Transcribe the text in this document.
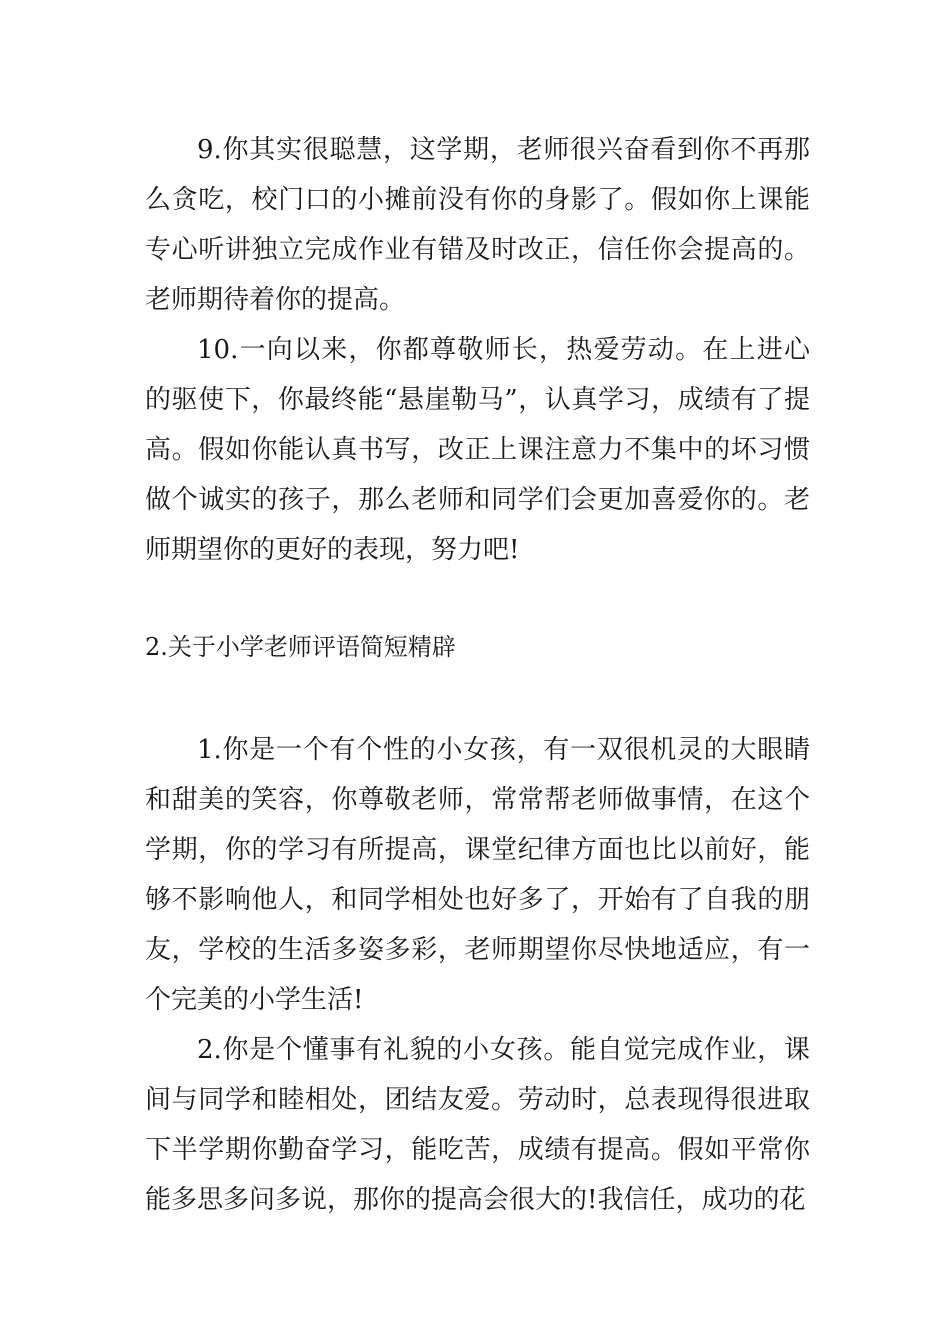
9.你其实很聪慧，这学期，老师很兴奋看到你不再那么贪吃，校门口的小摊前没有你的身影了。假如你上课能专心听讲独立完成作业有错及时改正，信任你会提高的。老师期待着你的提高。

10.一向以来，你都尊敬师长，热爱劳动。在上进心的驱使下，你最终能“悬崖勒马”，认真学习，成绩有了提高。假如你能认真书写，改正上课注意力不集中的坏习惯做个诚实的孩子，那么老师和同学们会更加喜爱你的。老师期望你的更好的表现，努力吧!

2.关于小学老师评语简短精辟

1.你是一个有个性的小女孩，有一双很机灵的大眼睛和甜美的笑容，你尊敬老师，常常帮老师做事情，在这个学期，你的学习有所提高，课堂纪律方面也比以前好，能够不影响他人，和同学相处也好多了，开始有了自我的朋友，学校的生活多姿多彩，老师期望你尽快地适应，有一个完美的小学生活!

2.你是个懂事有礼貌的小女孩。能自觉完成作业，课间与同学和睦相处，团结友爱。劳动时，总表现得很进取下半学期你勤奋学习，能吃苦，成绩有提高。假如平常你能多思多问多说，那你的提高会很大的!我信任，成功的花
